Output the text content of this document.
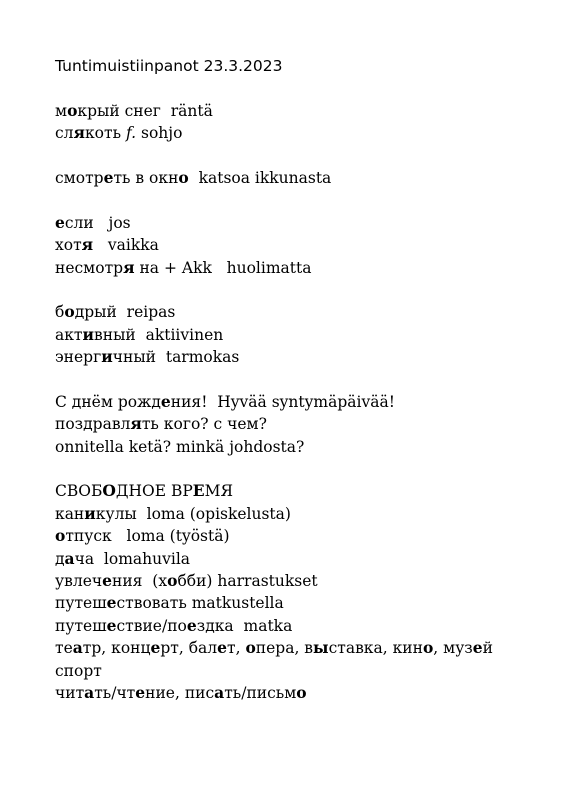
Tuntimuistiinpanot 23.3.2023
мокрый снег  räntä
слякоть f. sohjo
смотреть в окно  katsoa ikkunasta
если   jos
хотя   vaikka
несмотря на + Akk   huolimatta
бодрый  reipas
активный  aktiivinen
энергичный  tarmokas
С днём рождения!  Hyvää syntymäpäivää!
поздравлять кого? с чем?
onnitella ketä? minkä johdosta?
СВОБОДНОЕ ВРЕМЯ
каникулы  loma (opiskelusta)
отпуск   loma (työstä)
дача  lomahuvila
увлечения  (хобби) harrastukset
путешествовать matkustella
путешествие/поездка  matka
театр, концерт, балет, опера, выставка, кино, музей
спорт
читать/чтение, писать/письмо
